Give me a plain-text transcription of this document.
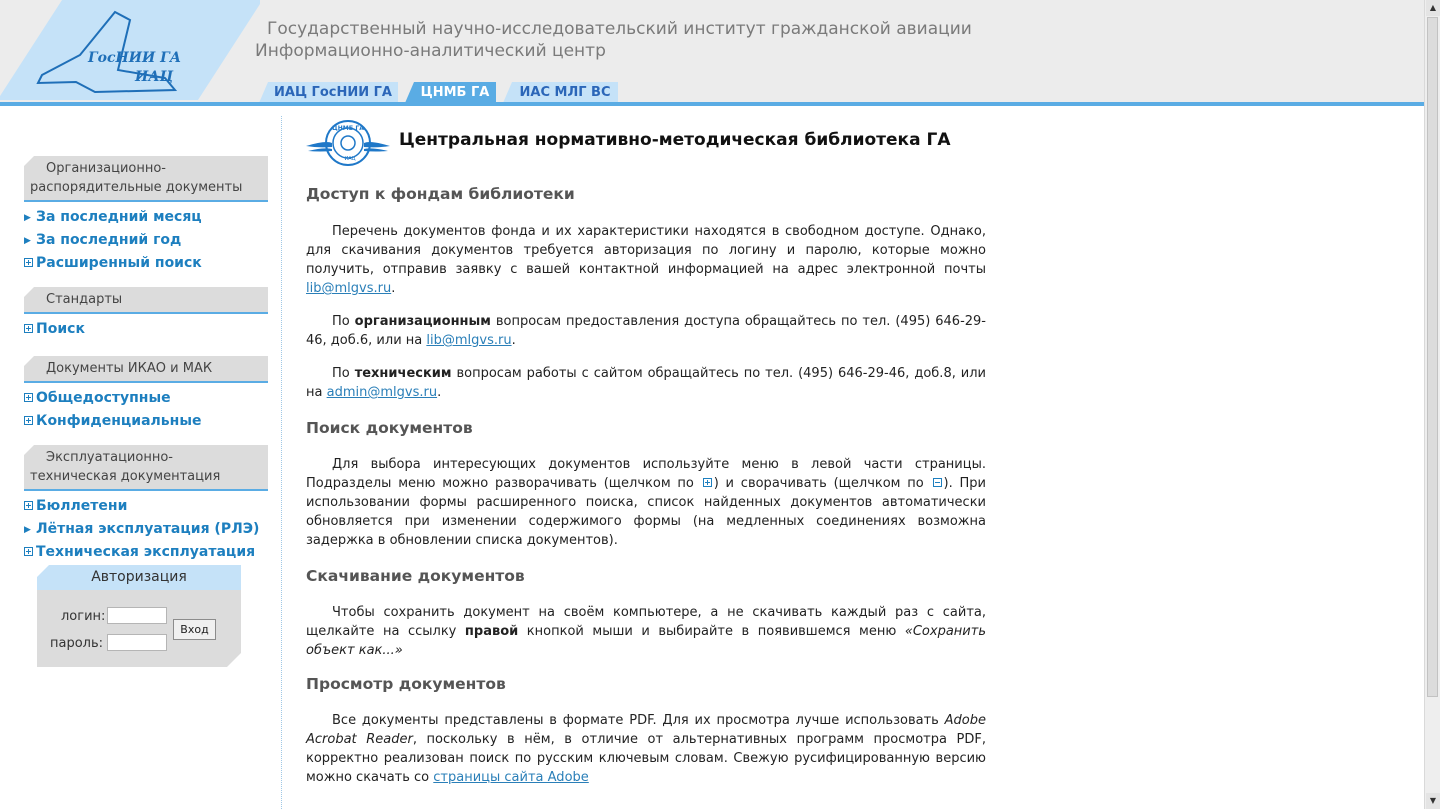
ГосНИИ ГА
ИАЦ
Государственный научно-исследовательский институт гражданской авиации
Информационно-аналитический центр
ИАЦ ГосНИИ ГА	ЦНМБ ГА	ИАС МЛГ ВС
▲
▼
Организационно-
распорядительные документы
▶ За последний месяц
▶ За последний год
Расширенный поиск
Стандарты
Поиск
Документы ИКАО и МАК
Общедоступные
Конфиденциальные
Эксплуатационно-
техническая документация
Бюллетени
▶ Лётная эксплуатация (РЛЭ)
Техническая эксплуатация
Авторизация
логин:
пароль:
Вход
ЦНМБ ГА
ИАЦ
Центральная нормативно-методическая библиотека ГА
Доступ к фондам библиотеки
Перечень документов фонда и их характеристики находятся в свободном доступе. Однако, для скачивания документов требуется авторизация по логину и паролю, которые можно получить, отправив заявку с вашей контактной информацией на адрес электронной почты lib@mlgvs.ru.
По организационным вопросам предоставления доступа обращайтесь по тел. (495) 646-29-46, доб.6, или на lib@mlgvs.ru.
По техническим вопросам работы с сайтом обращайтесь по тел. (495) 646-29-46, доб.8, или на admin@mlgvs.ru.
Поиск документов
Для выбора интересующих документов используйте меню в левой части страницы. Подразделы меню можно разворачивать (щелчком по ) и сворачивать (щелчком по ). При использовании формы расширенного поиска, список найденных документов автоматически обновляется при изменении содержимого формы (на медленных соединениях возможна задержка в обновлении списка документов).
Скачивание документов
Чтобы сохранить документ на своём компьютере, а не скачивать каждый раз с сайта, щелкайте на ссылку правой кнопкой мыши и выбирайте в появившемся меню «Сохранить объект как...»
Просмотр документов
Все документы представлены в формате PDF. Для их просмотра лучше использовать Adobe Acrobat Reader, поскольку в нём, в отличие от альтернативных программ просмотра PDF, корректно реализован поиск по русским ключевым словам. Свежую русифицированную версию можно скачать со страницы сайта Adobe
